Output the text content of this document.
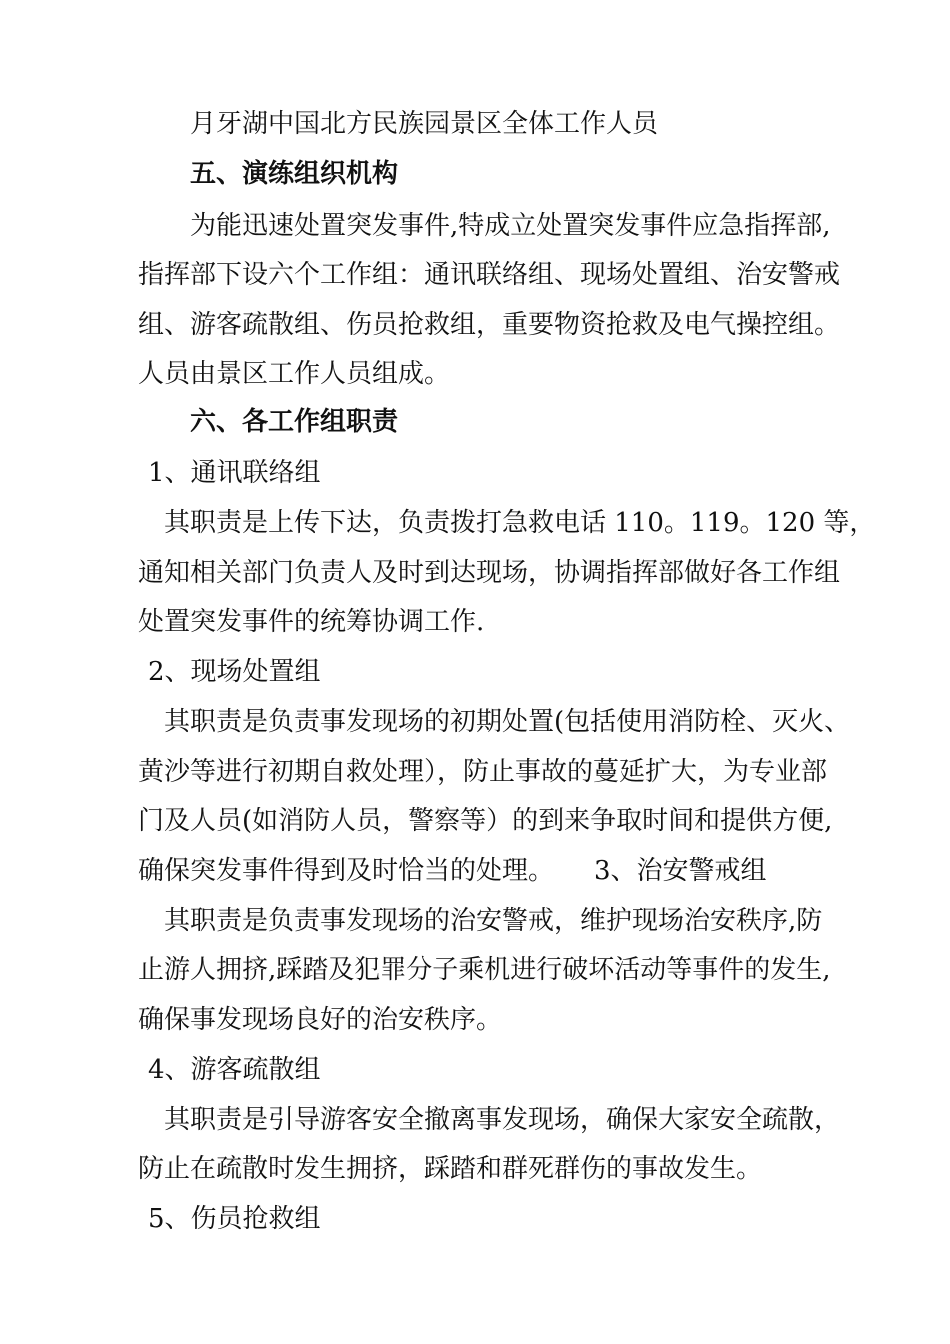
月牙湖中国北方民族园景区全体工作人员
五、演练组织机构
为能迅速处置突发事件,特成立处置突发事件应急指挥部,
指挥部下设六个工作组：通讯联络组、现场处置组、治安警戒
组、游客疏散组、伤员抢救组，重要物资抢救及电气操控组。
人员由景区工作人员组成。
六、各工作组职责
1、通讯联络组
其职责是上传下达，负责拨打急救电话 110。119。120 等，
通知相关部门负责人及时到达现场，协调指挥部做好各工作组
处置突发事件的统筹协调工作.
2、现场处置组
其职责是负责事发现场的初期处置(包括使用消防栓、灭火、
黄沙等进行初期自救处理），防止事故的蔓延扩大，为专业部
门及人员(如消防人员，警察等）的到来争取时间和提供方便,
确保突发事件得到及时恰当的处理。 3、治安警戒组
其职责是负责事发现场的治安警戒，维护现场治安秩序,防
止游人拥挤,踩踏及犯罪分子乘机进行破坏活动等事件的发生,
确保事发现场良好的治安秩序。
4、游客疏散组
其职责是引导游客安全撤离事发现场，确保大家安全疏散，
防止在疏散时发生拥挤，踩踏和群死群伤的事故发生。
5、伤员抢救组
